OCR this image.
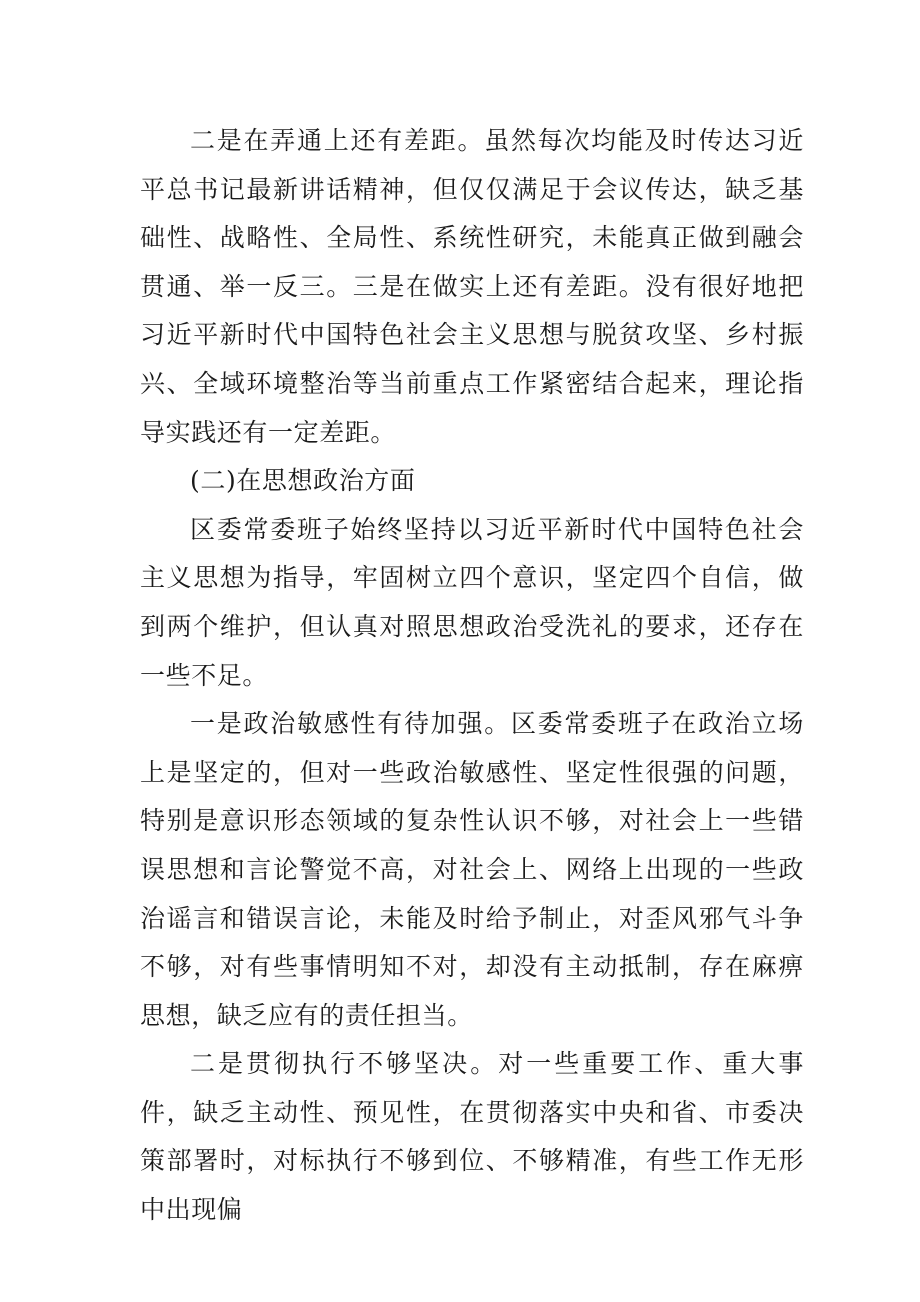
二是在弄通上还有差距。虽然每次均能及时传达习近平总书记最新讲话精神，但仅仅满足于会议传达，缺乏基础性、战略性、全局性、系统性研究，未能真正做到融会贯通、举一反三。三是在做实上还有差距。没有很好地把习近平新时代中国特色社会主义思想与脱贫攻坚、乡村振兴、全域环境整治等当前重点工作紧密结合起来，理论指导实践还有一定差距。

(二)在思想政治方面

区委常委班子始终坚持以习近平新时代中国特色社会主义思想为指导，牢固树立四个意识，坚定四个自信，做到两个维护，但认真对照思想政治受洗礼的要求，还存在一些不足。

一是政治敏感性有待加强。区委常委班子在政治立场上是坚定的，但对一些政治敏感性、坚定性很强的问题，特别是意识形态领域的复杂性认识不够，对社会上一些错误思想和言论警觉不高，对社会上、网络上出现的一些政治谣言和错误言论，未能及时给予制止，对歪风邪气斗争不够，对有些事情明知不对，却没有主动抵制，存在麻痹思想，缺乏应有的责任担当。

二是贯彻执行不够坚决。对一些重要工作、重大事件，缺乏主动性、预见性，在贯彻落实中央和省、市委决策部署时，对标执行不够到位、不够精准，有些工作无形中出现偏
